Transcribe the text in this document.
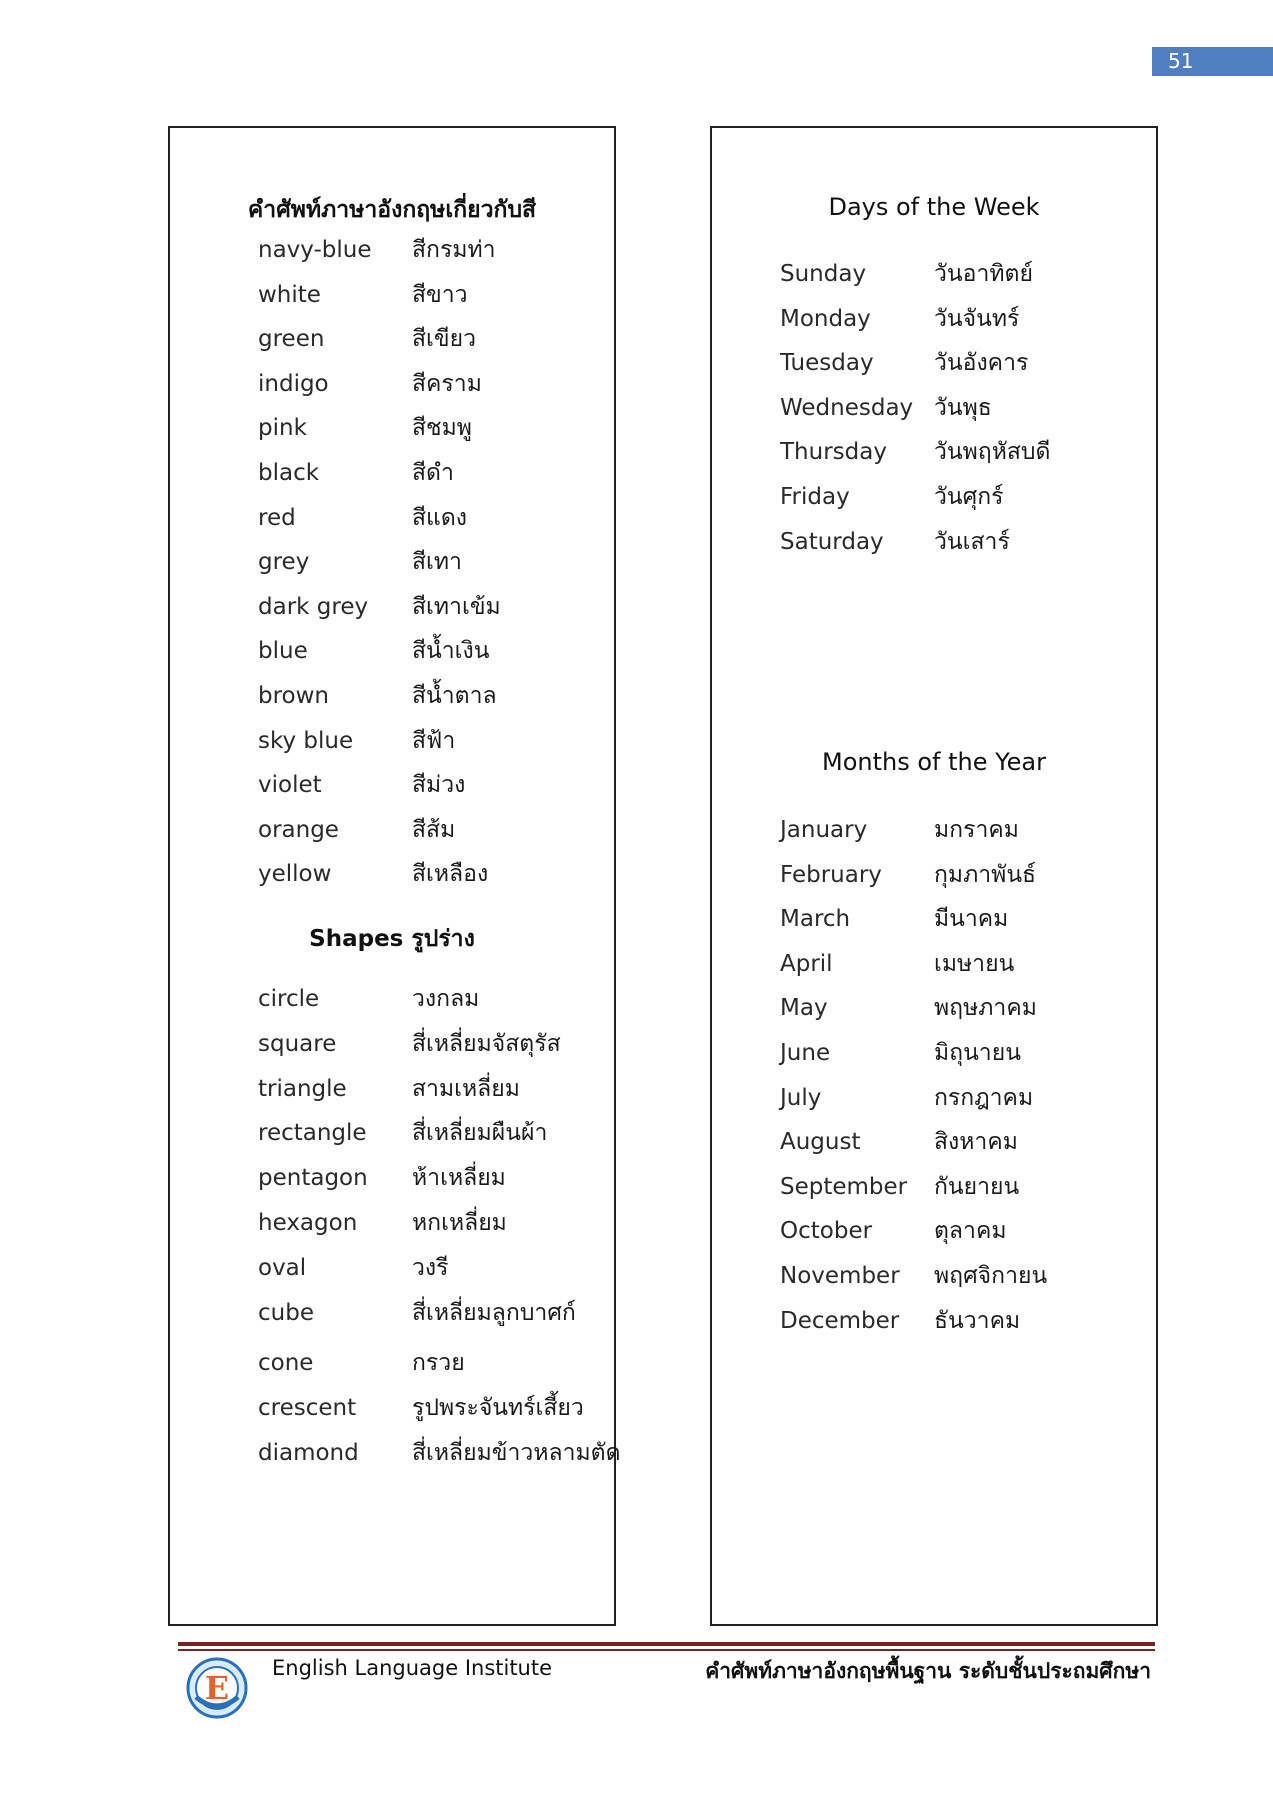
51
คำศัพท์ภาษาอังกฤษเกี่ยวกับสี
navy-blue สีกรมท่า
white	สีขาว
green	สีเขียว
indigo	สีคราม
pink	สีชมพู
black	สีดำ
red	สีแดง
grey	สีเทา
dark grey สีเทาเข้ม
blue	สีน้ำเงิน
brown	สีน้ำตาล
sky blue	สีฟ้า
violet	สีม่วง
orange	สีส้ม
yellow	สีเหลือง
Shapes รูปร่าง
circle	วงกลม
square	สี่เหลี่ยมจัสตุรัส
triangle	สามเหลี่ยม
rectangle สี่เหลี่ยมผืนผ้า
pentagon ห้าเหลี่ยม
hexagon หกเหลี่ยม
oval	วงรี
cube	สี่เหลี่ยมลูกบาศก์
cone	กรวย
crescent รูปพระจันทร์เสี้ยว
diamond สี่เหลี่ยมข้าวหลามตัด
Days of the Week
Sunday	วันอาทิตย์
Monday	วันจันทร์
Tuesday	วันอังคาร
Wednesday วันพุธ
Thursday วันพฤหัสบดี
Friday	วันศุกร์
Saturday วันเสาร์
Months of the Year
January	มกราคม
February กุมภาพันธ์
March	มีนาคม
April	เมษายน
May	พฤษภาคม
June	มิถุนายน
July	กรกฎาคม
August	สิงหาคม
September กันยายน
October	ตุลาคม
November พฤศจิกายน
December ธันวาคม
E
English Language Institute	คำศัพท์ภาษาอังกฤษพื้นฐาน ระดับชั้นประถมศึกษา
